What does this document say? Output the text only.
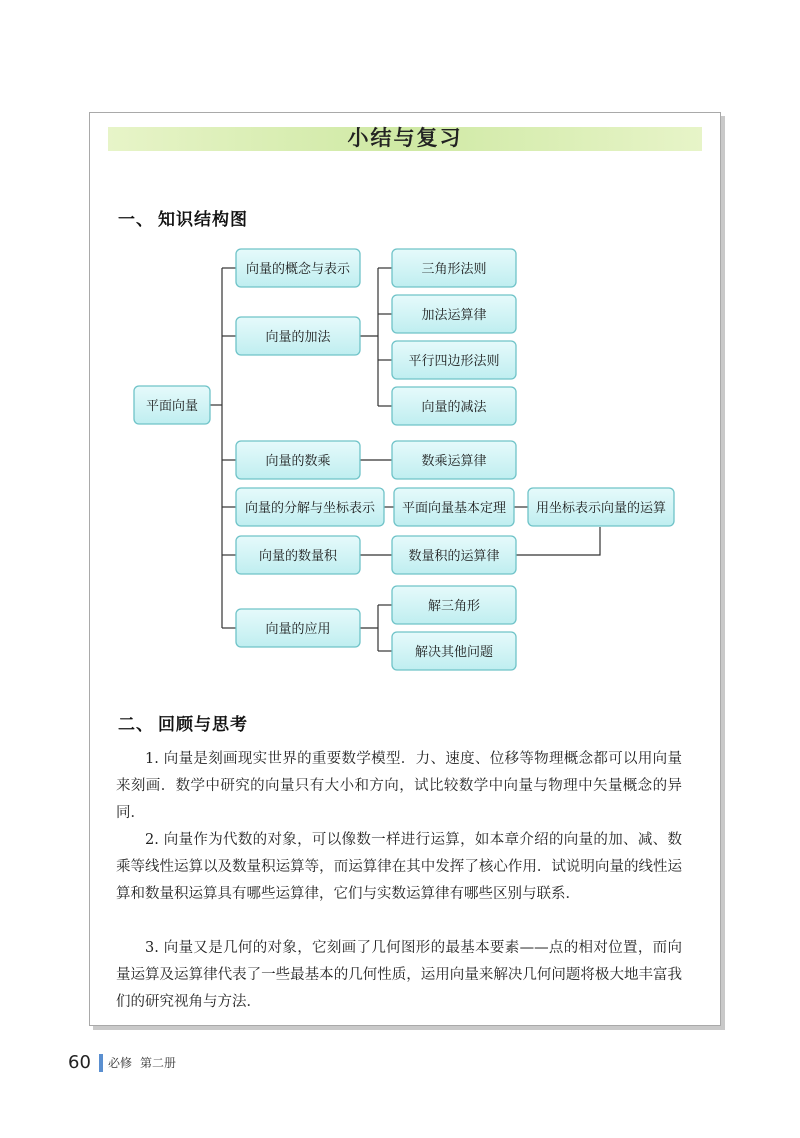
小结与复习
一、 知识结构图
平面向量
向量的概念与表示
向量的加法
向量的数乘
向量的分解与坐标表示
向量的数量积
向量的应用
三角形法则
加法运算律
平行四边形法则
向量的减法
数乘运算律
平面向量基本定理
数量积的运算律
解三角形
解决其他问题
用坐标表示向量的运算
二、 回顾与思考

1. 向量是刻画现实世界的重要数学模型．力、速度、位移等物理概念都可以用向量来刻画．数学中研究的向量只有大小和方向，试比较数学中向量与物理中矢量概念的异同．

2. 向量作为代数的对象，可以像数一样进行运算，如本章介绍的向量的加、减、数乘等线性运算以及数量积运算等，而运算律在其中发挥了核心作用．试说明向量的线性运算和数量积运算具有哪些运算律，它们与实数运算律有哪些区别与联系．

3. 向量又是几何的对象，它刻画了几何图形的最基本要素——点的相对位置，而向量运算及运算律代表了一些最基本的几何性质，运用向量来解决几何问题将极大地丰富我们的研究视角与方法．

60 必修 第二册
